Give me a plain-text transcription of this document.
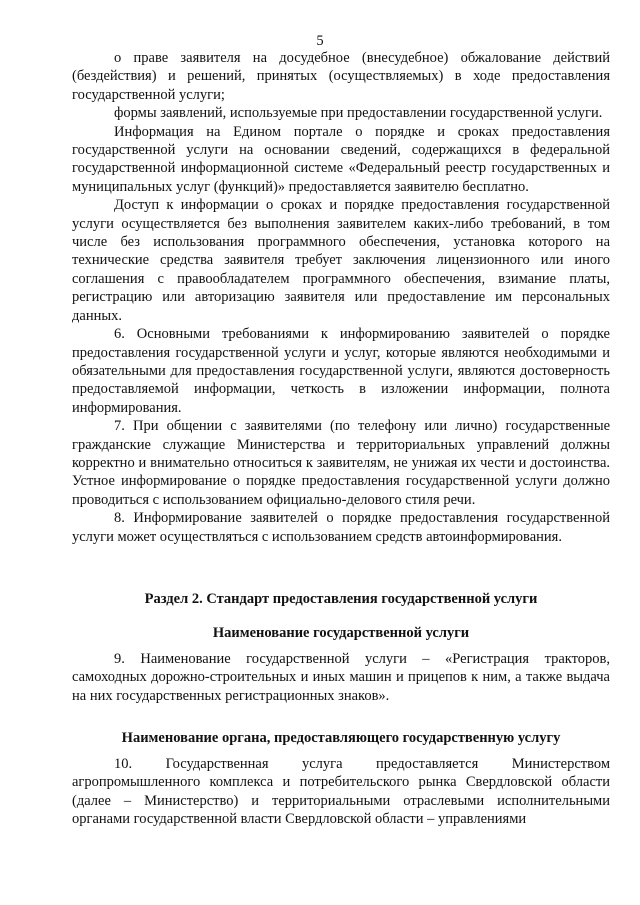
5

о праве заявителя на досудебное (внесудебное) обжалование действий (бездействия) и решений, принятых (осуществляемых) в ходе предоставления государственной услуги;

формы заявлений, используемые при предоставлении государственной услуги.

Информация на Едином портале о порядке и сроках предоставления государственной услуги на основании сведений, содержащихся в федеральной государственной информационной системе «Федеральный реестр государственных и муниципальных услуг (функций)» предоставляется заявителю бесплатно.

Доступ к информации о сроках и порядке предоставления государственной услуги осуществляется без выполнения заявителем каких-либо требований, в том числе без использования программного обеспечения, установка которого на технические средства заявителя требует заключения лицензионного или иного соглашения с правообладателем программного обеспечения, взимание платы, регистрацию или авторизацию заявителя или предоставление им персональных данных.

6. Основными требованиями к информированию заявителей о порядке предоставления государственной услуги и услуг, которые являются необходимыми и обязательными для предоставления государственной услуги, являются достоверность предоставляемой информации, четкость в изложении информации, полнота информирования.

7. При общении с заявителями (по телефону или лично) государственные гражданские служащие Министерства и территориальных управлений должны корректно и внимательно относиться к заявителям, не унижая их чести и достоинства. Устное информирование о порядке предоставления государственной услуги должно проводиться с использованием официально-делового стиля речи.

8. Информирование заявителей о порядке предоставления государственной услуги может осуществляться с использованием средств автоинформирования.

Раздел 2. Стандарт предоставления государственной услуги

Наименование государственной услуги

9. Наименование государственной услуги – «Регистрация тракторов, самоходных дорожно-строительных и иных машин и прицепов к ним, а также выдача на них государственных регистрационных знаков».

Наименование органа, предоставляющего государственную услугу

10. Государственная услуга предоставляется Министерством агропромышленного комплекса и потребительского рынка Свердловской области (далее – Министерство) и территориальными отраслевыми исполнительными органами государственной власти Свердловской области – управлениями
